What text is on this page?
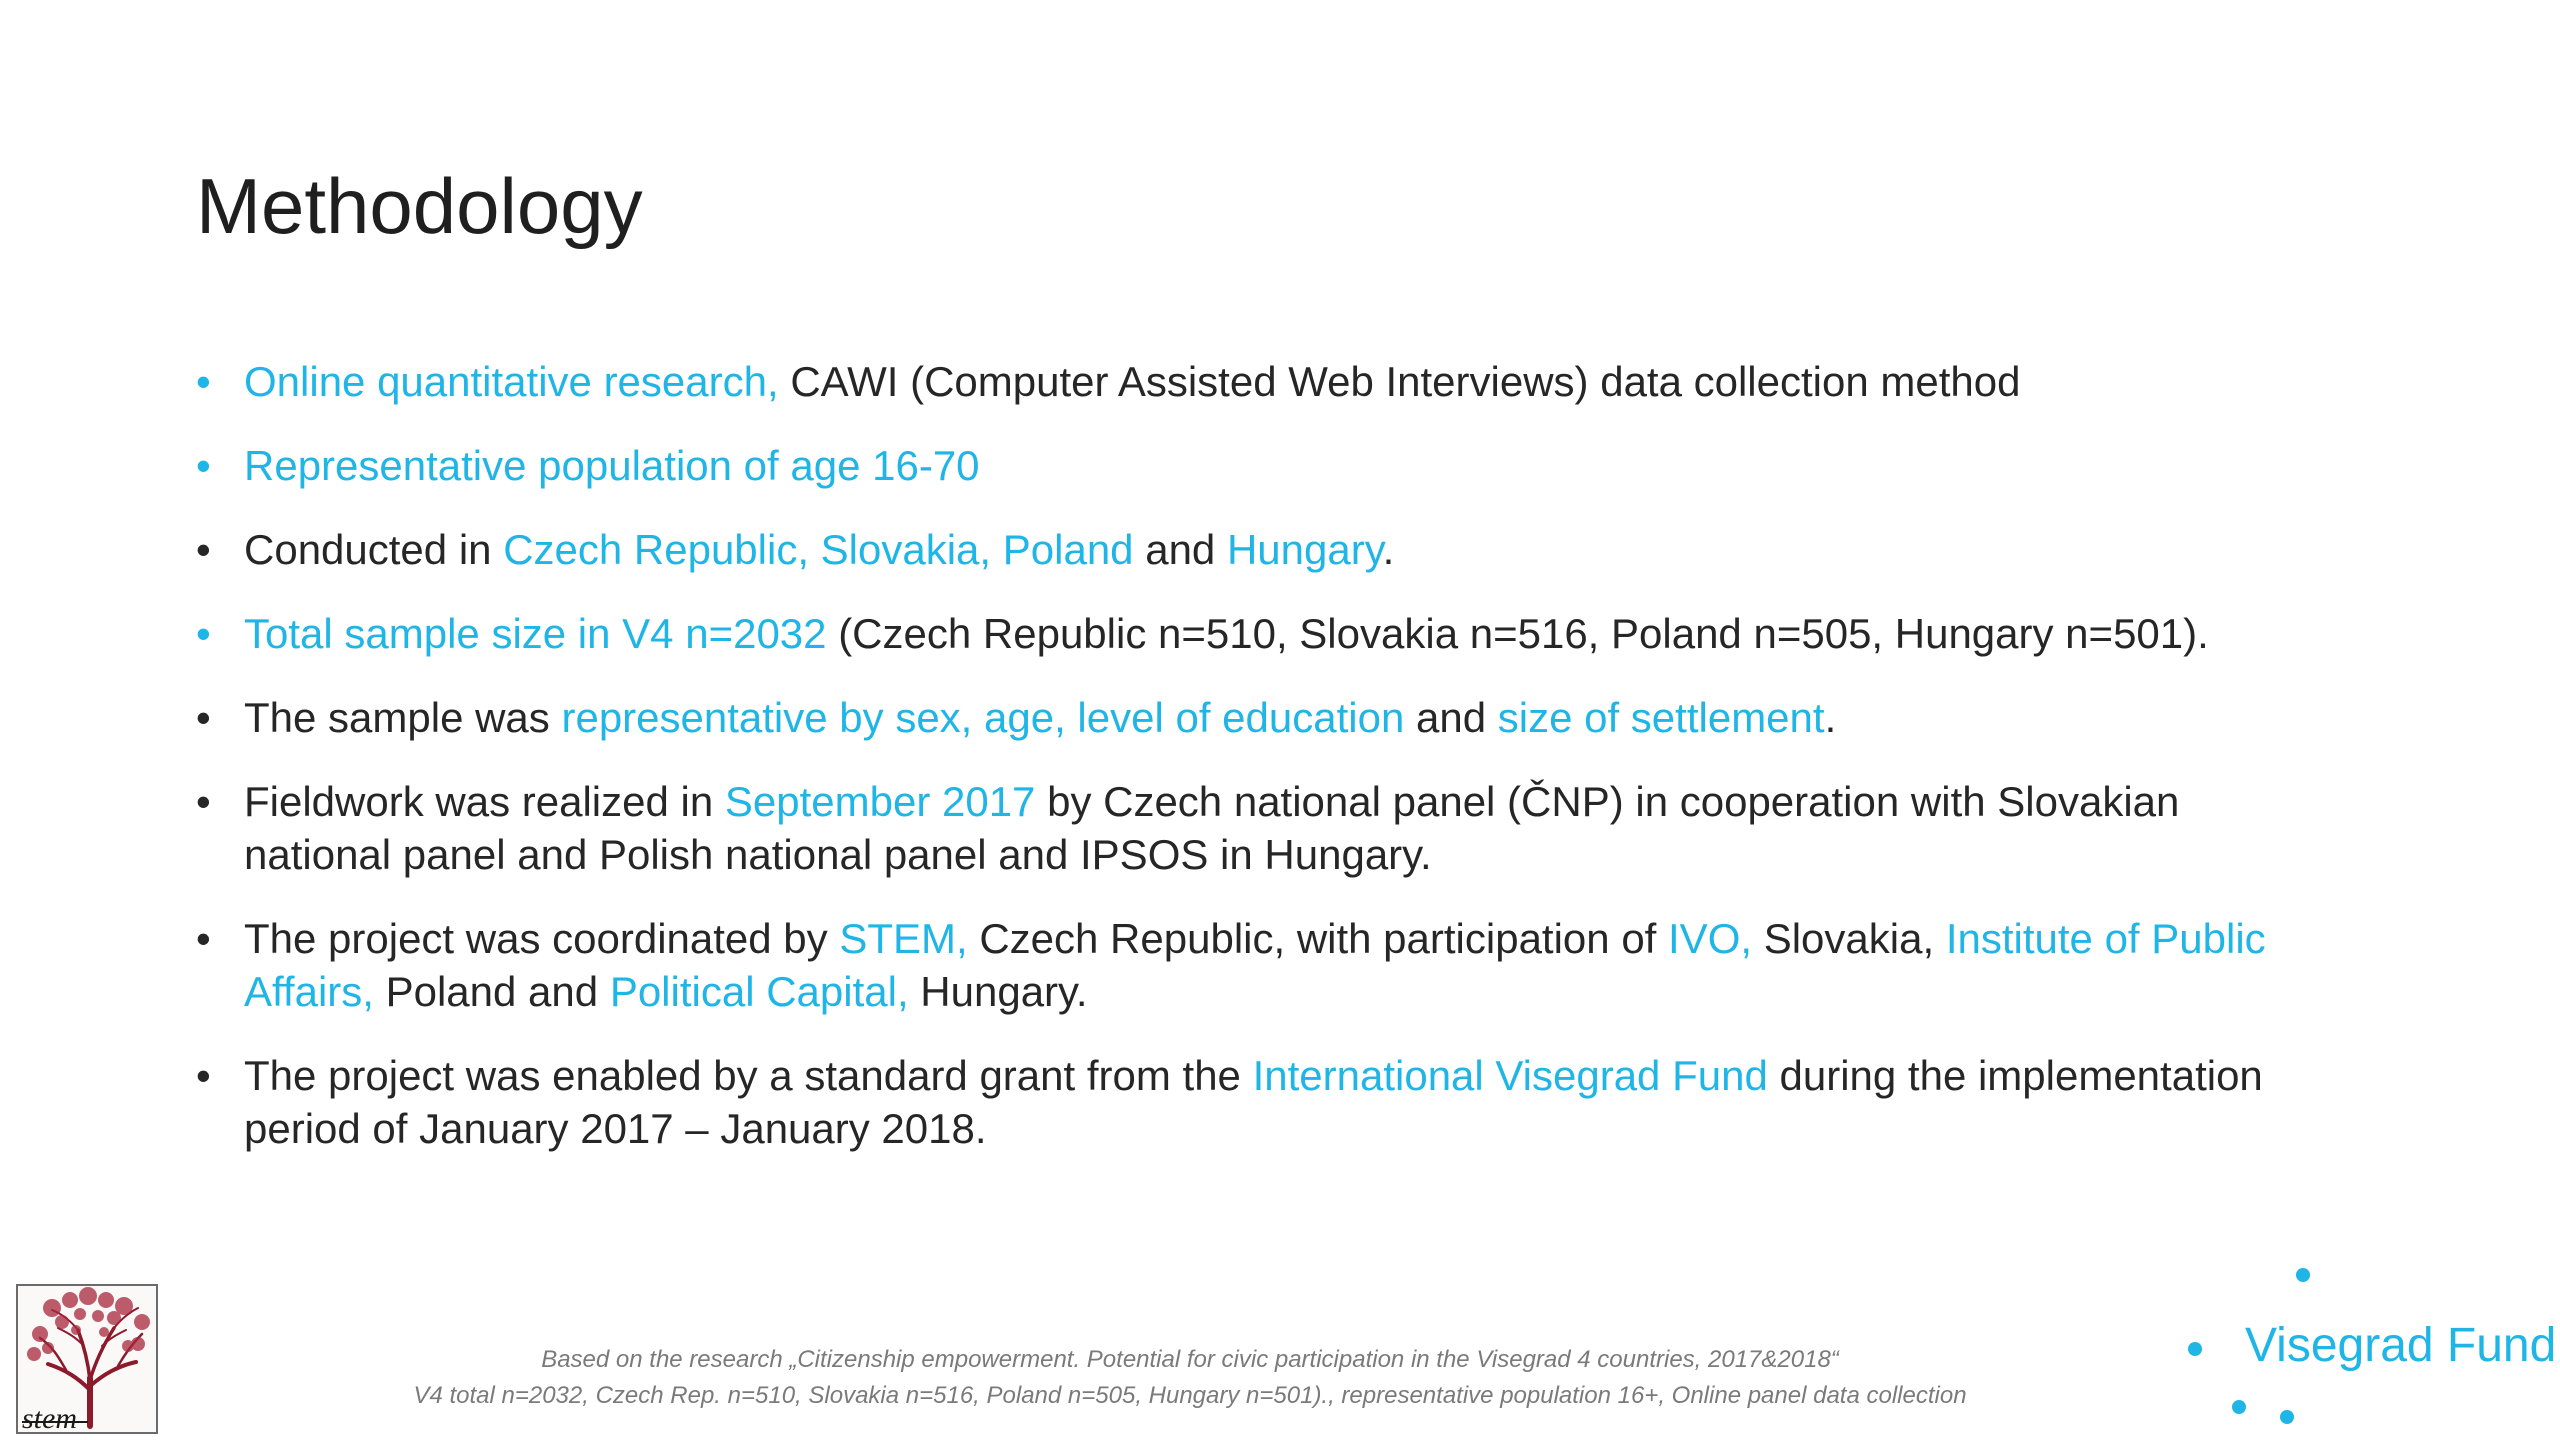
Methodology
• Online quantitative research, CAWI (Computer Assisted Web Interviews) data collection method
• Representative population of age 16-70
• Conducted in Czech Republic, Slovakia, Poland and Hungary.
• Total sample size in V4 n=2032 (Czech Republic n=510, Slovakia n=516, Poland n=505, Hungary n=501).
• The sample was representative by sex, age, level of education and size of settlement.
• Fieldwork was realized in September 2017 by Czech national panel (ČNP) in cooperation with Slovakian national panel and Polish national panel and IPSOS in Hungary.
• The project was coordinated by STEM, Czech Republic, with participation of IVO, Slovakia, Institute of Public Affairs, Poland and Political Capital, Hungary.
• The project was enabled by a standard grant from the International Visegrad Fund during the implementation period of January 2017 – January 2018.
stem
Based on the research „Citizenship empowerment. Potential for civic participation in the Visegrad 4 countries, 2017&2018“
V4 total n=2032, Czech Rep. n=510, Slovakia n=516, Poland n=505, Hungary n=501)., representative population 16+, Online panel data collection
Visegrad Fund
